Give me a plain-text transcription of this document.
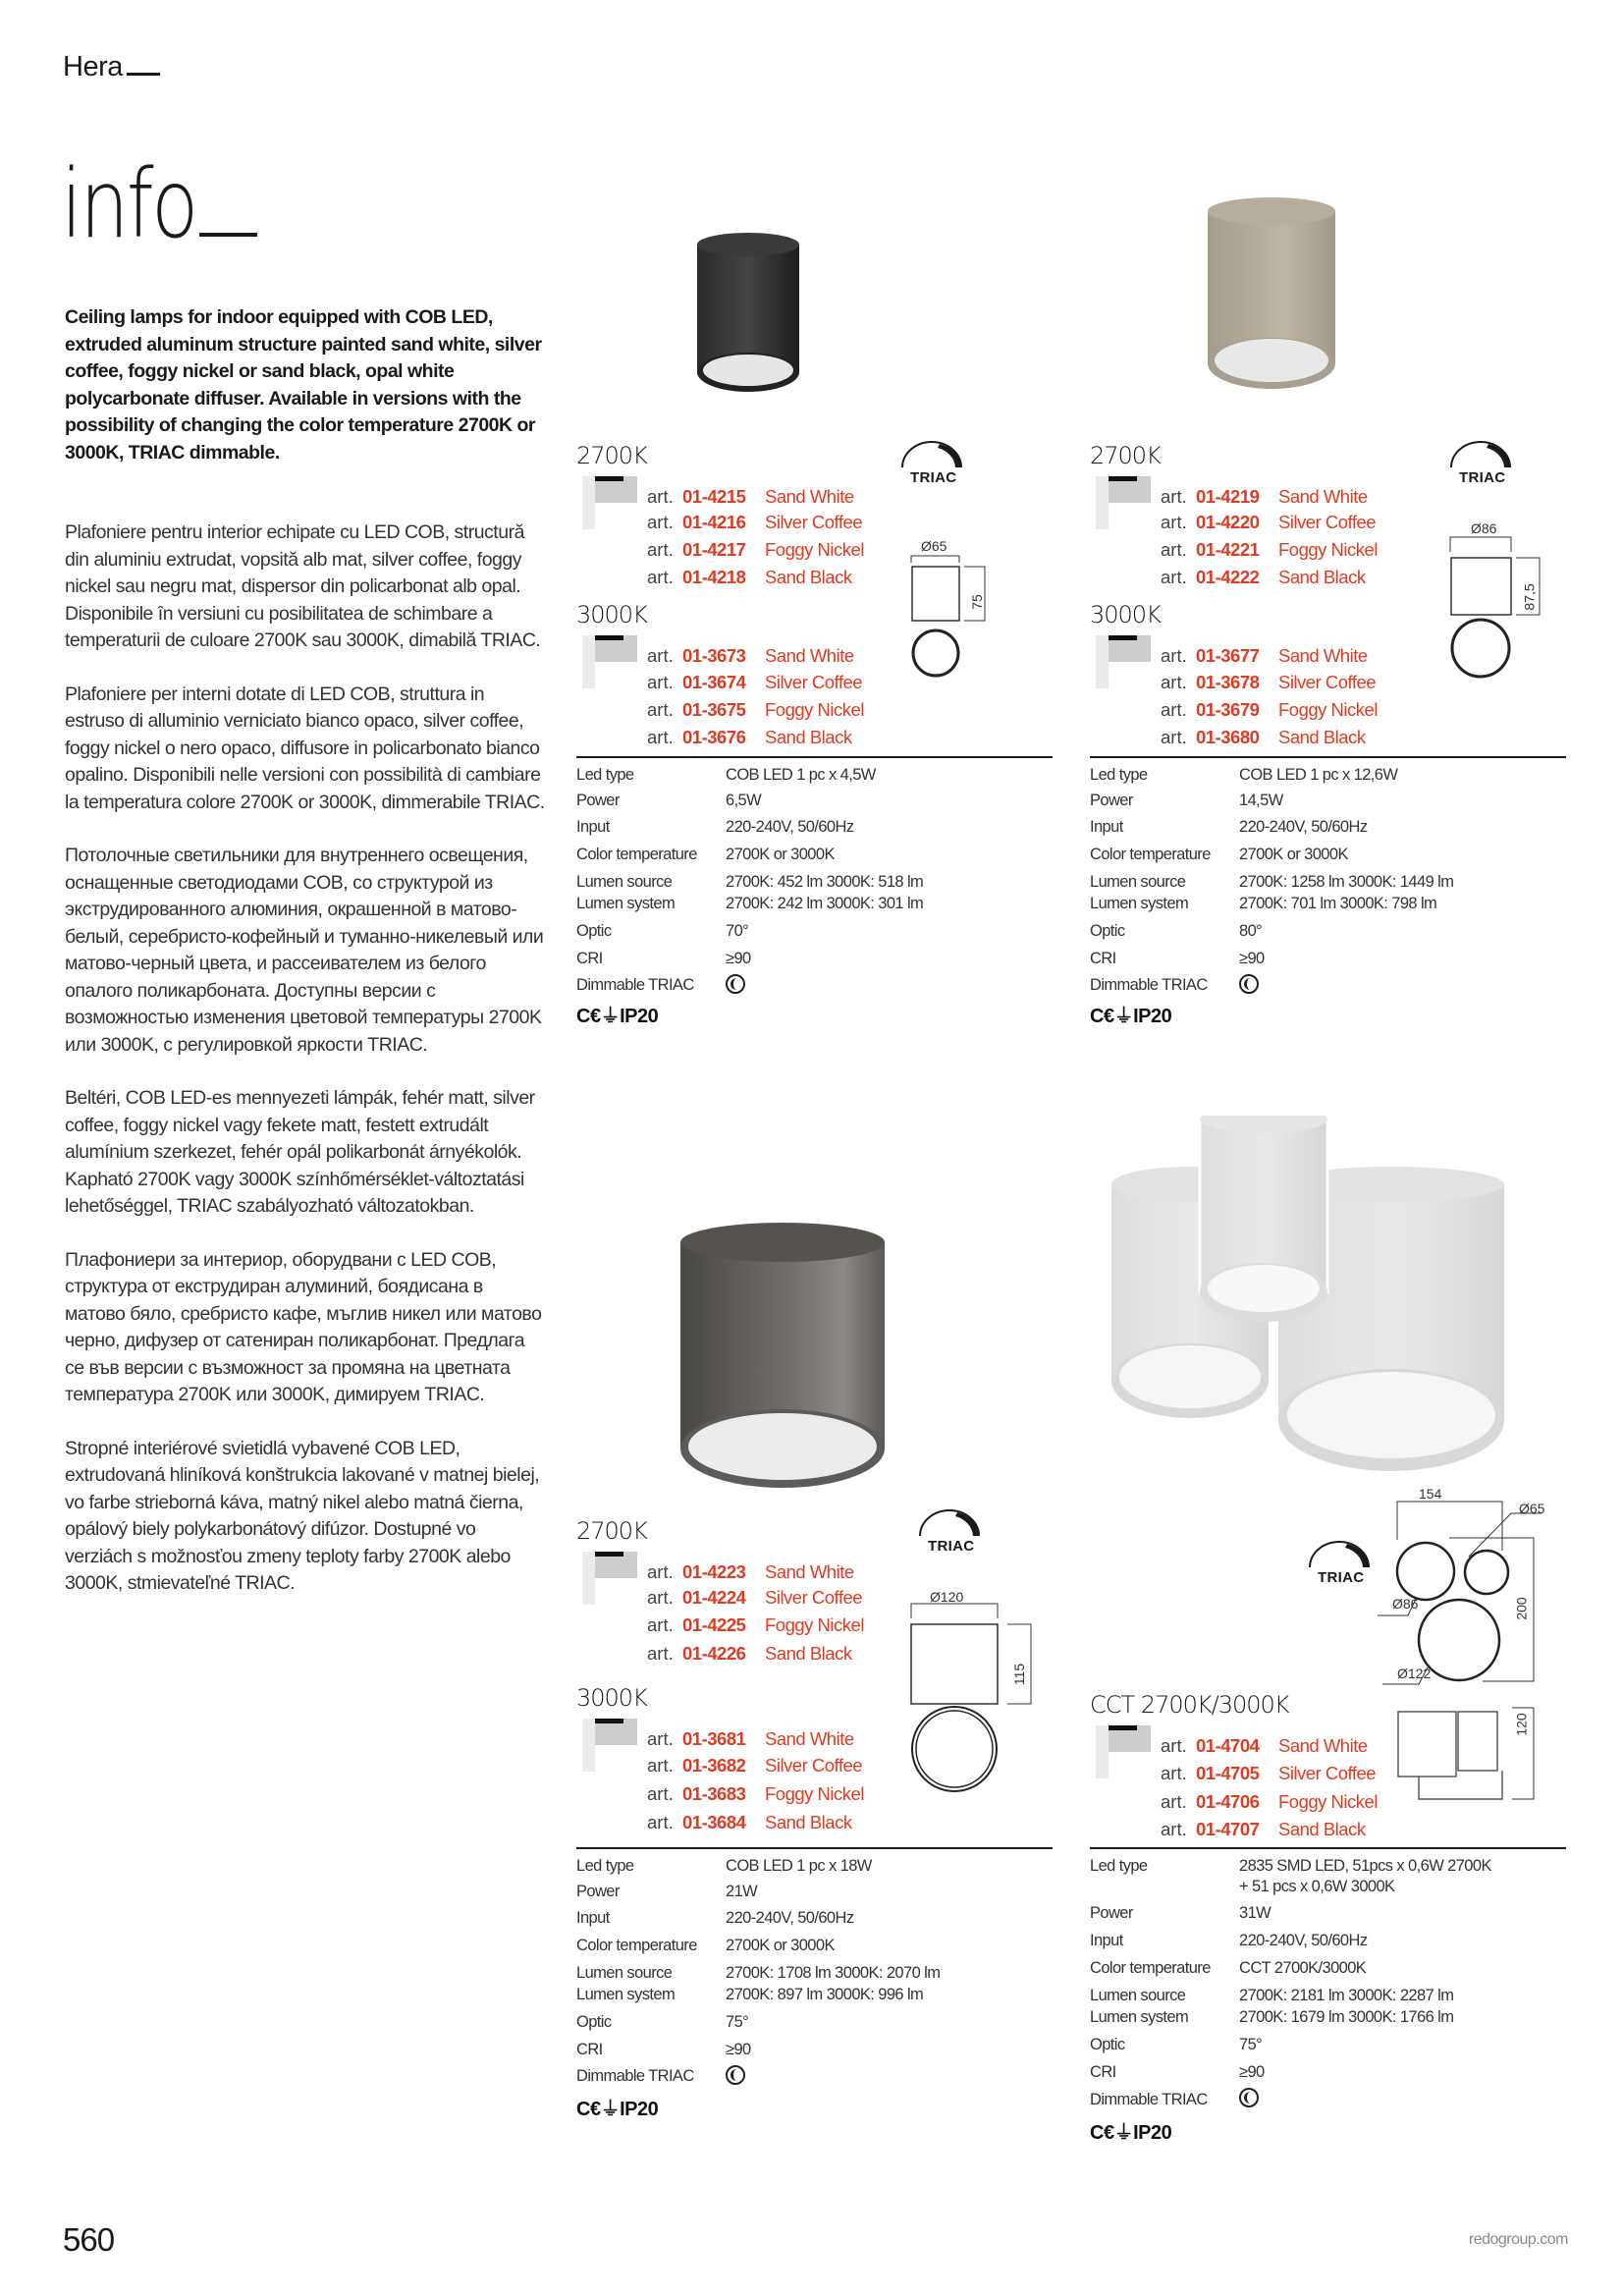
Hera
info

Ceiling lamps for indoor equipped with COB LED, extruded aluminum structure painted sand white, silver coffee, foggy nickel or sand black, opal white polycarbonate diffuser. Available in versions with the possibility of changing the color temperature 2700K or 3000K, TRIAC dimmable.

Plafoniere pentru interior echipate cu LED COB, structură din aluminiu extrudat, vopsită alb mat, silver coffee, foggy nickel sau negru mat, dispersor din policarbonat alb opal. Disponibile în versiuni cu posibilitatea de schimbare a temperaturii de culoare 2700K sau 3000K, dimabilă TRIAC.

Plafoniere per interni dotate di LED COB, struttura in estruso di alluminio verniciato bianco opaco, silver coffee, foggy nickel o nero opaco, diffusore in policarbonato bianco opalino. Disponibili nelle versioni con possibilità di cambiare la temperatura colore 2700K or 3000K, dimmerabile TRIAC.

Потолочные светильники для внутреннего освещения, оснащенные светодиодами COB, со структурой из экструдированного алюминия, окрашенной в матово-белый, серебристо-кофейный и туманно-никелевый или матово-черный цвета, и рассеивателем из белого опалого поликарбоната. Доступны версии с возможностью изменения цветовой температуры 2700K или 3000K, с регулировкой яркости TRIAC.

Beltéri, COB LED-es mennyezeti lámpák, fehér matt, silver coffee, foggy nickel vagy fekete matt, festett extrudált alumínium szerkezet, fehér opál polikarbonát árnyékolók. Kapható 2700K vagy 3000K színhőmérséklet-változtatási lehetőséggel, TRIAC szabályozható változatokban.

Плафониери за интериор, оборудвани с LED COB, структура от екструдиран алуминий, боядисана в матово бяло, сребристо кафе, мъглив никел или матово черно, дифузер от сатениран поликарбонат. Предлага се във версии с възможност за промяна на цветната температура 2700K или 3000K, димируем TRIAC.

Stropné interiérové svietidlá vybavené COB LED, extrudovaná hliníková konštrukcia lakované v matnej bielej, vo farbe strieborná káva, matný nikel alebo matná čierna, opálový biely polykarbonátový difúzor. Dostupné vo verziách s možnosťou zmeny teploty farby 2700K alebo 3000K, stmievateľné TRIAC.

2700K
art. 01-4215 Sand White
art. 01-4216 Silver Coffee
art. 01-4217 Foggy Nickel
art. 01-4218 Sand Black
3000K
art. 01-3673 Sand White
art. 01-3674 Silver Coffee
art. 01-3675 Foggy Nickel
art. 01-3676 Sand Black
TRIAC
Ø65
75
Led type	COB LED 1 pc x 4,5W
Power	6,5W
Input	220-240V, 50/60Hz
Color temperature 2700K or 3000K
Lumen source	2700K: 452 lm 3000K: 518 lm
Lumen system	2700K: 242 lm 3000K: 301 lm
Optic	70°
CRI	≥90
Dimmable TRIAC
C€⏚IP20
2700K
art. 01-4219 Sand White
art. 01-4220 Silver Coffee
art. 01-4221 Foggy Nickel
art. 01-4222 Sand Black
3000K
art. 01-3677 Sand White
art. 01-3678 Silver Coffee
art. 01-3679 Foggy Nickel
art. 01-3680 Sand Black
TRIAC
Ø86
87,5
Led type	COB LED 1 pc x 12,6W
Power	14,5W
Input	220-240V, 50/60Hz
Color temperature 2700K or 3000K
Lumen source	2700K: 1258 lm 3000K: 1449 lm
Lumen system	2700K: 701 lm 3000K: 798 lm
Optic	80°
CRI	≥90
Dimmable TRIAC
C€⏚IP20
2700K
art. 01-4223 Sand White
art. 01-4224 Silver Coffee
art. 01-4225 Foggy Nickel
art. 01-4226 Sand Black
3000K
art. 01-3681 Sand White
art. 01-3682 Silver Coffee
art. 01-3683 Foggy Nickel
art. 01-3684 Sand Black
TRIAC
Ø120
115
Led type	COB LED 1 pc x 18W
Power	21W
Input	220-240V, 50/60Hz
Color temperature 2700K or 3000K
Lumen source	2700K: 1708 lm 3000K: 2070 lm
Lumen system	2700K: 897 lm 3000K: 996 lm
Optic	75°
CRI	≥90
Dimmable TRIAC
C€⏚IP20
TRIAC
154
Ø65
Ø86
Ø122
200
120
CCT 2700K/3000K
art. 01-4704 Sand White
art. 01-4705 Silver Coffee
art. 01-4706 Foggy Nickel
art. 01-4707 Sand Black
Led type	2835 SMD LED, 51pcs x 0,6W 2700K
+ 51 pcs x 0,6W 3000K
Power	31W
Input	220-240V, 50/60Hz
Color temperature CCT 2700K/3000K
Lumen source	2700K: 2181 lm 3000K: 2287 lm
Lumen system	2700K: 1679 lm 3000K: 1766 lm
Optic	75°
CRI	≥90
Dimmable TRIAC
C€⏚IP20
560	redogroup.com
